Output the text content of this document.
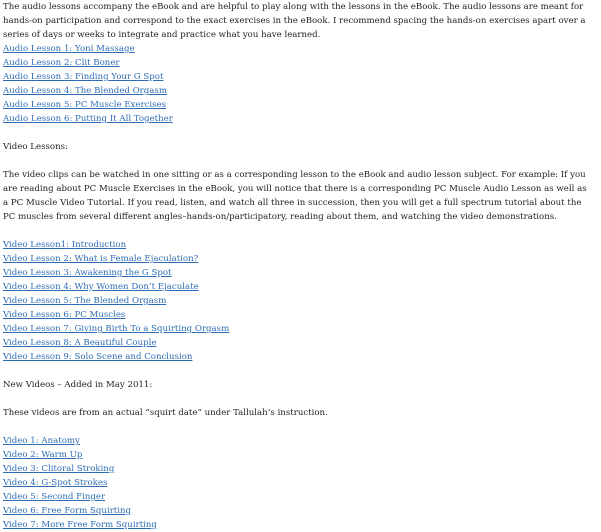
The audio lessons accompany the eBook and are helpful to play along with the lessons in the eBook. The audio lessons are meant for hands-on participation and correspond to the exact exercises in the eBook. I recommend spacing the hands-on exercises apart over a series of days or weeks to integrate and practice what you have learned.

Audio Lesson 1: Yoni Massage
Audio Lesson 2: Clit Boner
Audio Lesson 3: Finding Your G Spot
Audio Lesson 4: The Blended Orgasm
Audio Lesson 5: PC Muscle Exercises
Audio Lesson 6: Putting It All Together

Video Lessons:

The video clips can be watched in one sitting or as a corresponding lesson to the eBook and audio lesson subject. For example: If you are reading about PC Muscle Exercises in the eBook, you will notice that there is a corresponding PC Muscle Audio Lesson as well as a PC Muscle Video Tutorial. If you read, listen, and watch all three in succession, then you will get a full spectrum tutorial about the PC muscles from several different angles–hands-on/participatory, reading about them, and watching the video demonstrations.

Video Lesson1: Introduction
Video Lesson 2: What is Female Ejaculation?
Video Lesson 3: Awakening the G Spot
Video Lesson 4: Why Women Don’t Ejaculate
Video Lesson 5: The Blended Orgasm
Video Lesson 6: PC Muscles
Video Lesson 7: Giving Birth To a Squirting Orgasm
Video Lesson 8: A Beautiful Couple
Video Lesson 9: Solo Scene and Conclusion

New Videos – Added in May 2011:

These videos are from an actual “squirt date” under Tallulah’s instruction.

Video 1: Anatomy
Video 2: Warm Up
Video 3: Clitoral Stroking
Video 4: G-Spot Strokes
Video 5: Second Finger
Video 6: Free Form Squirting
Video 7: More Free Form Squirting
